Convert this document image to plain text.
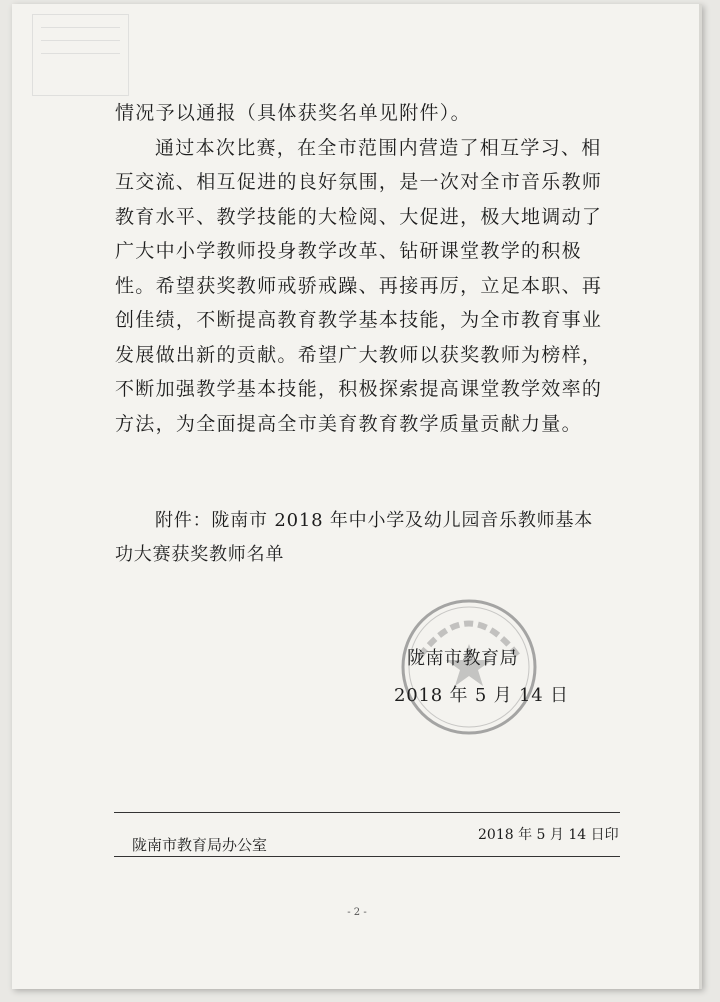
情况予以通报（具体获奖名单见附件）。

通过本次比赛，在全市范围内营造了相互学习、相互交流、相互促进的良好氛围，是一次对全市音乐教师教育水平、教学技能的大检阅、大促进，极大地调动了广大中小学教师投身教学改革、钻研课堂教学的积极性。希望获奖教师戒骄戒躁、再接再厉，立足本职、再创佳绩，不断提高教育教学基本技能，为全市教育事业发展做出新的贡献。希望广大教师以获奖教师为榜样，不断加强教学基本技能，积极探索提高课堂教学效率的方法，为全面提高全市美育教育教学质量贡献力量。

附件：陇南市 2018 年中小学及幼儿园音乐教师基本

功大赛获奖教师名单

陇南市教育局
2018 年 5 月 14 日
陇南市教育局办公室
2018 年 5 月 14 日印
- 2 -
